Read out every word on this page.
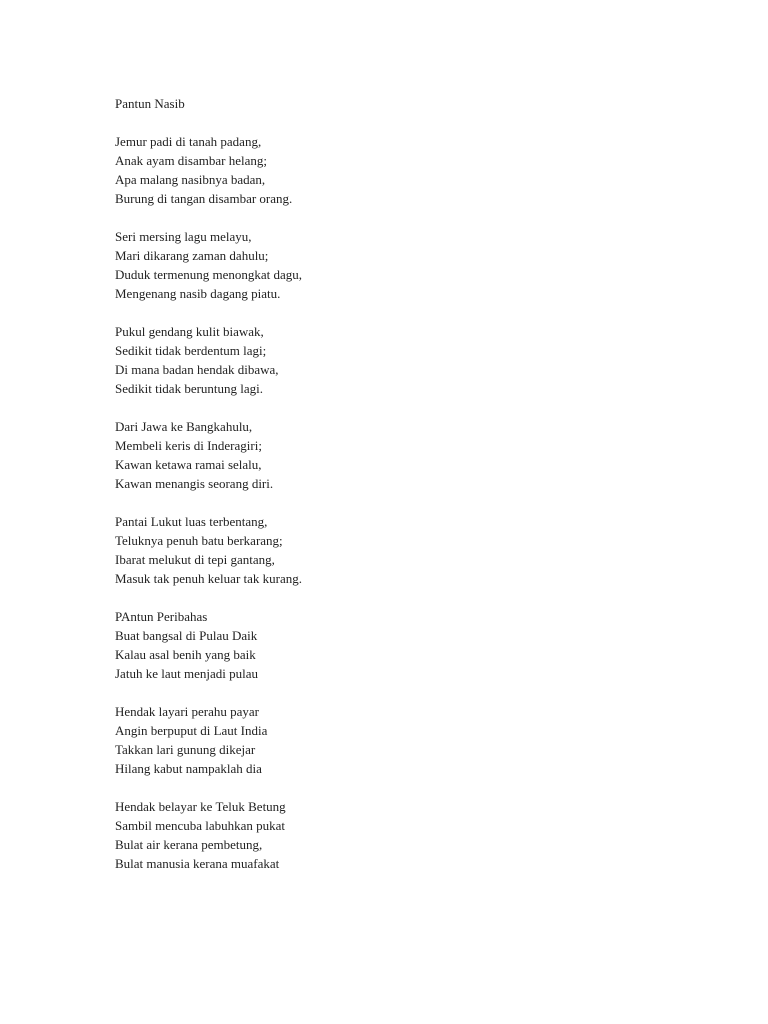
Pantun Nasib
Jemur padi di tanah padang,
Anak ayam disambar helang;
Apa malang nasibnya badan,
Burung di tangan disambar orang.
Seri mersing lagu melayu,
Mari dikarang zaman dahulu;
Duduk termenung menongkat dagu,
Mengenang nasib dagang piatu.
Pukul gendang kulit biawak,
Sedikit tidak berdentum lagi;
Di mana badan hendak dibawa,
Sedikit tidak beruntung lagi.
Dari Jawa ke Bangkahulu,
Membeli keris di Inderagiri;
Kawan ketawa ramai selalu,
Kawan menangis seorang diri.
Pantai Lukut luas terbentang,
Teluknya penuh batu berkarang;
Ibarat melukut di tepi gantang,
Masuk tak penuh keluar tak kurang.
PAntun Peribahas
Buat bangsal di Pulau Daik
Kalau asal benih yang baik
Jatuh ke laut menjadi pulau
Hendak layari perahu payar
Angin berpuput di Laut India
Takkan lari gunung dikejar
Hilang kabut nampaklah dia
Hendak belayar ke Teluk Betung
Sambil mencuba labuhkan pukat
Bulat air kerana pembetung,
Bulat manusia kerana muafakat
